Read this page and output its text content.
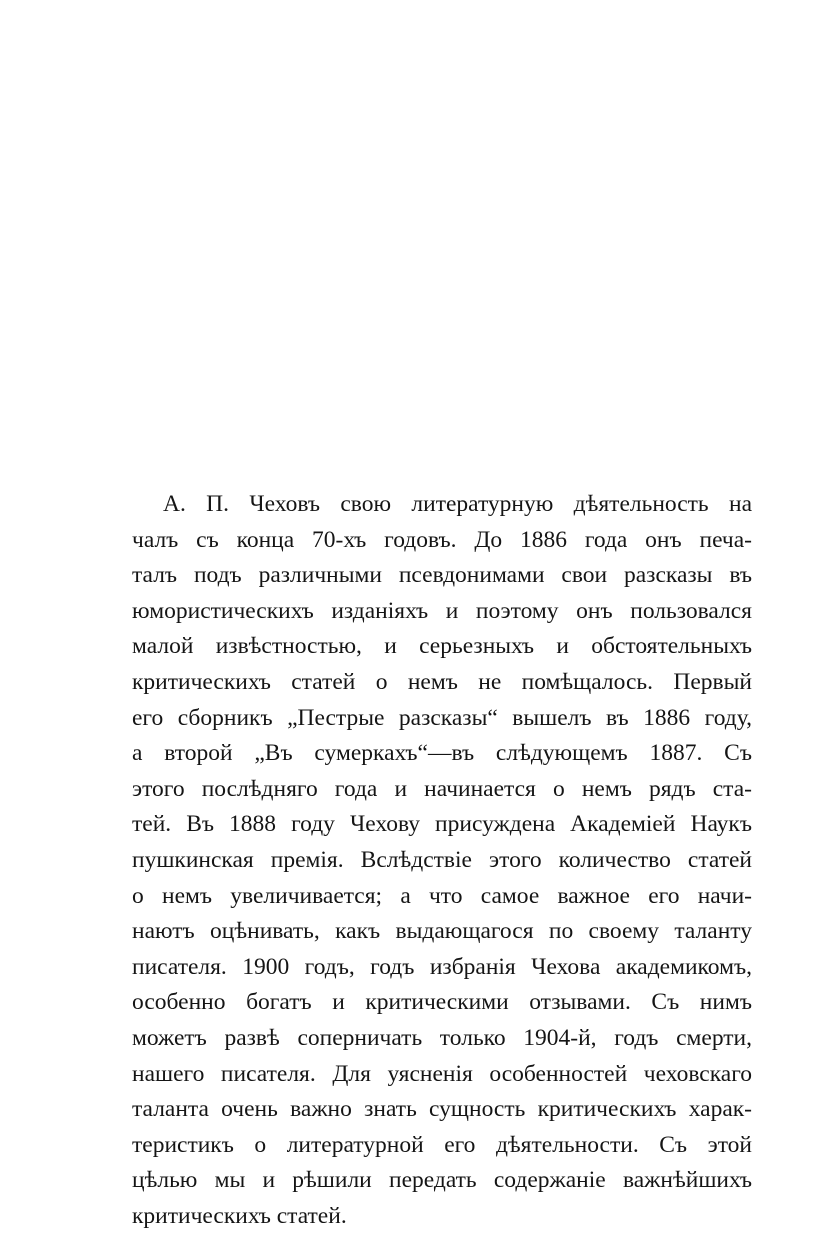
А. П. Чеховъ свою литературную дѣятельность на
чалъ съ конца 70-хъ годовъ. До 1886 года онъ печа-
талъ подъ различными псевдонимами свои разсказы въ
юмористическихъ изданіяхъ и поэтому онъ пользовался
малой извѣстностью, и серьезныхъ и обстоятельныхъ
критическихъ статей о немъ не помѣщалось. Первый
его сборникъ „Пестрые разсказы“ вышелъ въ 1886 году,
а второй „Въ сумеркахъ“—въ слѣдующемъ 1887. Съ
этого послѣдняго года и начинается о немъ рядъ ста-
тей. Въ 1888 году Чехову присуждена Академіей Наукъ
пушкинская премія. Вслѣдствіе этого количество статей
о немъ увеличивается; а что самое важное его начи-
наютъ оцѣнивать, какъ выдающагося по своему таланту
писателя. 1900 годъ, годъ избранія Чехова академикомъ,
особенно богатъ и критическими отзывами. Съ нимъ
можетъ развѣ соперничать только 1904-й, годъ смерти,
нашего писателя. Для уясненія особенностей чеховскаго
таланта очень важно знать сущность критическихъ харак-
теристикъ о литературной его дѣятельности. Съ этой
цѣлью мы и рѣшили передать содержаніе важнѣйшихъ
критическихъ статей.
